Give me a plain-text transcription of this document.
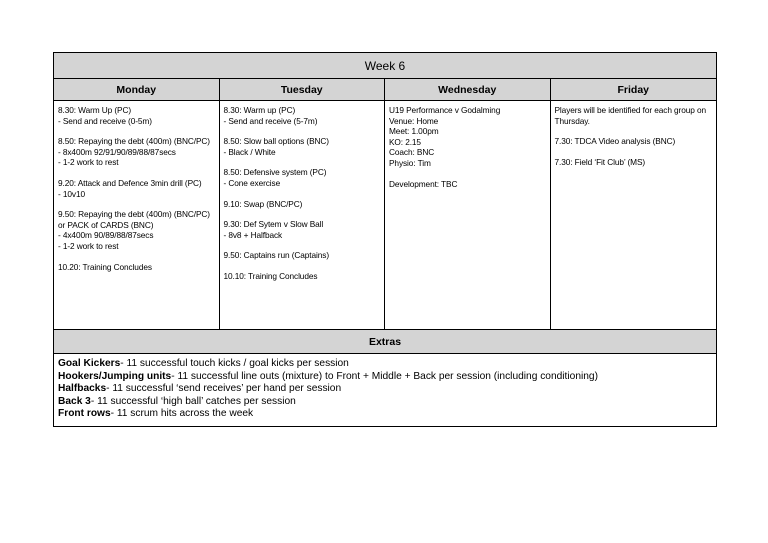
Week 6
Monday
8.30: Warm Up (PC)
- Send and receive (0-5m)
8.50: Repaying the debt (400m) (BNC/PC)
- 8x400m 92/91/90/89/88/87secs
- 1-2 work to rest
9.20: Attack and Defence 3min drill (PC)
- 10v10
9.50: Repaying the debt (400m) (BNC/PC) or PACK of CARDS (BNC)
- 4x400m 90/89/88/87secs
- 1-2 work to rest
10.20: Training Concludes
Tuesday
8.30: Warm up (PC)
- Send and receive (5-7m)
8.50: Slow ball options (BNC)
- Black / White
8.50: Defensive system (PC)
- Cone exercise
9.10: Swap (BNC/PC)
9.30: Def Sytem v Slow Ball
- 8v8 + Halfback
9.50: Captains run (Captains)
10.10: Training Concludes
Wednesday
U19 Performance v Godalming
Venue: Home
Meet: 1.00pm
KO: 2.15
Coach: BNC
Physio: Tim
Development: TBC
Friday
Players will be identified for each group on Thursday.
7.30: TDCA Video analysis (BNC)
7.30: Field ‘Fit Club’ (MS)
Extras
Goal Kickers- 11 successful touch kicks / goal kicks per session
Hookers/Jumping units- 11 successful line outs (mixture) to Front + Middle + Back per session (including conditioning)
Halfbacks- 11 successful ‘send receives’ per hand per session
Back 3- 11 successful ‘high ball’ catches per session
Front rows- 11 scrum hits across the week
